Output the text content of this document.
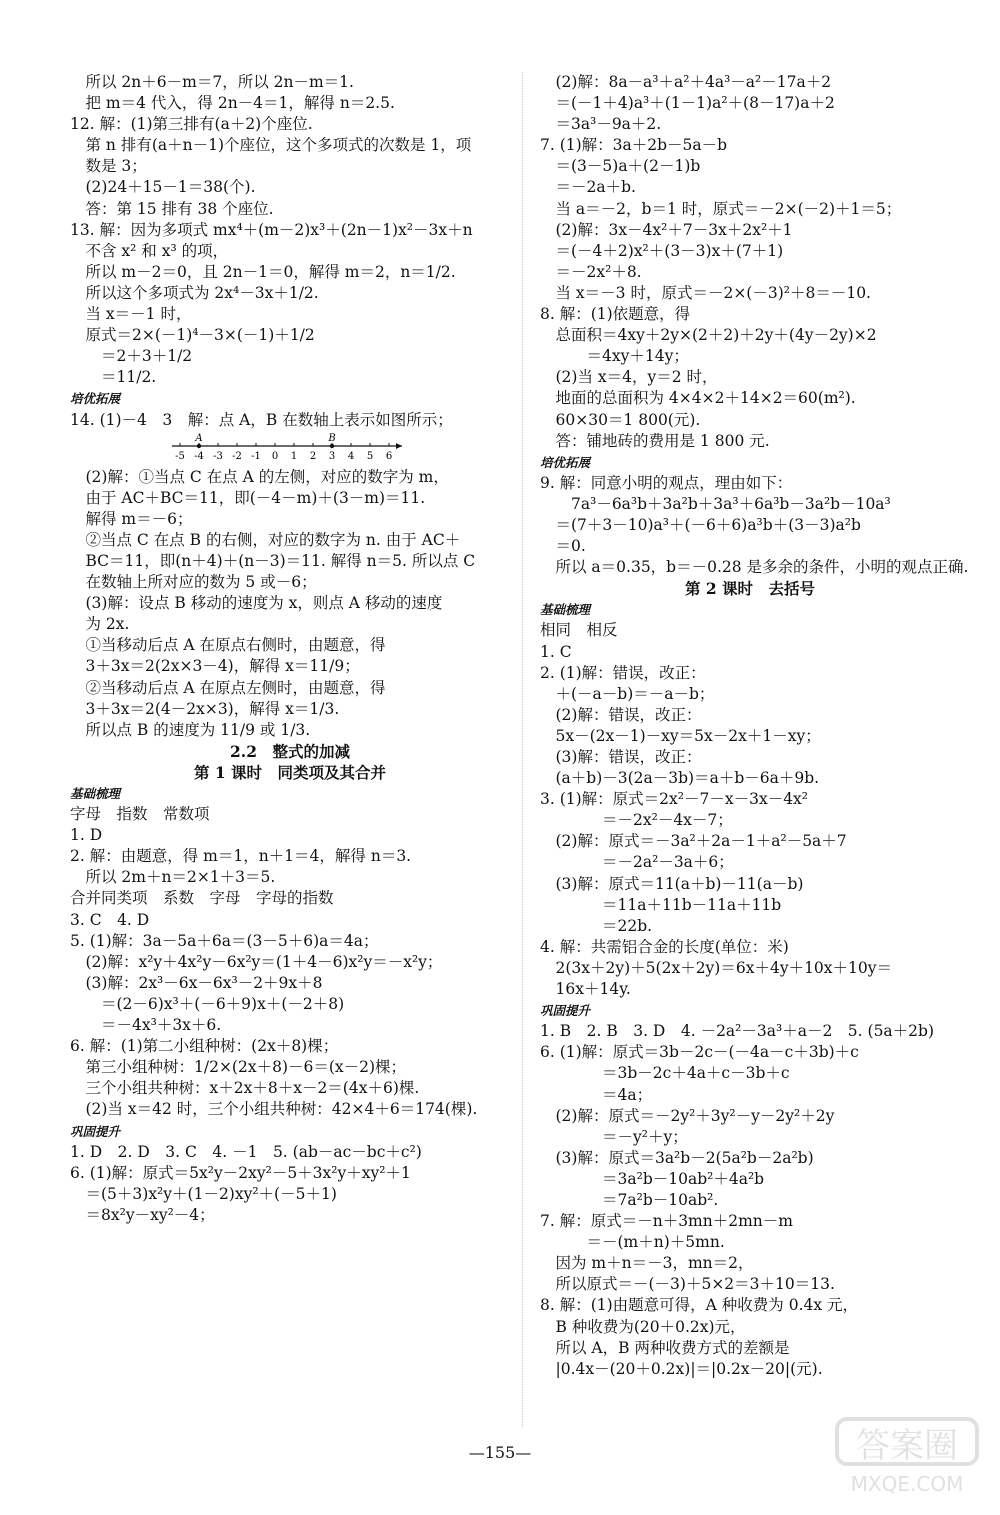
　所以 2n＋6－m＝7，所以 2n－m＝1.
　把 m＝4 代入，得 2n－4＝1，解得 n＝2.5.
12. 解：(1)第三排有(a＋2)个座位.
　第 n 排有(a＋n－1)个座位，这个多项式的次数是 1，项
　数是 3；
　(2)24＋15－1＝38(个).
　答：第 15 排有 38 个座位.
13. 解：因为多项式 mx⁴＋(m－2)x³＋(2n－1)x²－3x＋n
　不含 x² 和 x³ 的项，
　所以 m－2＝0，且 2n－1＝0，解得 m＝2，n＝1/2.
　所以这个多项式为 2x⁴－3x＋1/2.
　当 x＝－1 时，
　原式＝2×(－1)⁴－3×(－1)＋1/2
　　＝2＋3＋1/2
　　＝11/2.
培优拓展
14. (1)－4　3　解：点 A，B 在数轴上表示如图所示；
-5 -4 -3 -2 -1 0 1 2 3 4 5 6
A	B
　(2)解：①当点 C 在点 A 的左侧，对应的数字为 m，
　由于 AC＋BC＝11，即(－4－m)＋(3－m)＝11.
　解得 m＝－6；
　②当点 C 在点 B 的右侧，对应的数字为 n. 由于 AC＋
　BC＝11，即(n＋4)＋(n－3)＝11. 解得 n＝5. 所以点 C
　在数轴上所对应的数为 5 或－6；
　(3)解：设点 B 移动的速度为 x，则点 A 移动的速度
　为 2x.
　①当移动后点 A 在原点右侧时，由题意，得
　3＋3x＝2(2x×3－4)，解得 x＝11/9；
　②当移动后点 A 在原点左侧时，由题意，得
　3＋3x＝2(4－2x×3)，解得 x＝1/3.
　所以点 B 的速度为 11/9 或 1/3.
2.2　整式的加减
第 1 课时　同类项及其合并
基础梳理
字母　指数　常数项
1. D
2. 解：由题意，得 m＝1，n＋1＝4，解得 n＝3.
　所以 2m＋n＝2×1＋3＝5.
合并同类项　系数　字母　字母的指数
3. C　4. D
5. (1)解：3a－5a＋6a＝(3－5＋6)a＝4a；
　(2)解：x²y＋4x²y－6x²y＝(1＋4－6)x²y＝－x²y；
　(3)解：2x³－6x－6x³－2＋9x＋8
　　＝(2－6)x³＋(－6＋9)x＋(－2＋8)
　　＝－4x³＋3x＋6.
6. 解：(1)第二小组种树：(2x＋8)棵；
　第三小组种树：1/2×(2x＋8)－6＝(x－2)棵；
　三个小组共种树：x＋2x＋8＋x－2＝(4x＋6)棵.
　(2)当 x＝42 时，三个小组共种树：42×4＋6＝174(棵).
巩固提升
1. D　2. D　3. C　4. －1　5. (ab－ac－bc＋c²)
6. (1)解：原式＝5x²y－2xy²－5＋3x²y＋xy²＋1
　＝(5＋3)x²y＋(1－2)xy²＋(－5＋1)
　＝8x²y－xy²－4；
　(2)解：8a－a³＋a²＋4a³－a²－17a＋2
　＝(－1＋4)a³＋(1－1)a²＋(8－17)a＋2
　＝3a³－9a＋2.
7. (1)解：3a＋2b－5a－b
　＝(3－5)a＋(2－1)b
　＝－2a＋b.
　当 a＝－2，b＝1 时，原式＝－2×(－2)＋1＝5；
　(2)解：3x－4x²＋7－3x＋2x²＋1
　＝(－4＋2)x²＋(3－3)x＋(7＋1)
　＝－2x²＋8.
　当 x＝－3 时，原式＝－2×(－3)²＋8＝－10.
8. 解：(1)依题意，得
　总面积＝4xy＋2y×(2＋2)＋2y＋(4y－2y)×2
　　　＝4xy＋14y；
　(2)当 x＝4，y＝2 时，
　地面的总面积为 4×4×2＋14×2＝60(m²).
　60×30＝1 800(元).
　答：铺地砖的费用是 1 800 元.
培优拓展
9. 解：同意小明的观点，理由如下：
　　7a³－6a³b＋3a²b＋3a³＋6a³b－3a²b－10a³
　＝(7＋3－10)a³＋(－6＋6)a³b＋(3－3)a²b
　＝0.
　所以 a＝0.35，b＝－0.28 是多余的条件，小明的观点正确.
第 2 课时　去括号
基础梳理
相同　相反
1. C
2. (1)解：错误，改正：
　＋(－a－b)＝－a－b；
　(2)解：错误，改正：
　5x－(2x－1)－xy＝5x－2x＋1－xy；
　(3)解：错误，改正：
　(a＋b)－3(2a－3b)＝a＋b－6a＋9b.
3. (1)解：原式＝2x²－7－x－3x－4x²
　　　　＝－2x²－4x－7；
　(2)解：原式＝－3a²＋2a－1＋a²－5a＋7
　　　　＝－2a²－3a＋6；
　(3)解：原式＝11(a＋b)－11(a－b)
　　　　＝11a＋11b－11a＋11b
　　　　＝22b.
4. 解：共需铝合金的长度(单位：米)
　2(3x＋2y)＋5(2x＋2y)＝6x＋4y＋10x＋10y＝
　16x＋14y.
巩固提升
1. B　2. B　3. D　4. －2a²－3a³＋a－2　5. (5a＋2b)
6. (1)解：原式＝3b－2c－(－4a－c＋3b)＋c
　　　　＝3b－2c＋4a＋c－3b＋c
　　　　＝4a；
　(2)解：原式＝－2y²＋3y²－y－2y²＋2y
　　　　＝－y²＋y；
　(3)解：原式＝3a²b－2(5a²b－2a²b)
　　　　＝3a²b－10ab²＋4a²b
　　　　＝7a²b－10ab².
7. 解：原式＝－n＋3mn＋2mn－m
　　　＝－(m＋n)＋5mn.
　因为 m＋n＝－3，mn＝2，
　所以原式＝－(－3)＋5×2＝3＋10＝13.
8. 解：(1)由题意可得，A 种收费为 0.4x 元，
　B 种收费为(20＋0.2x)元，
　所以 A，B 两种收费方式的差额是
　|0.4x－(20＋0.2x)|＝|0.2x－20|(元).
—155—	答案圈
MXQE.COM
